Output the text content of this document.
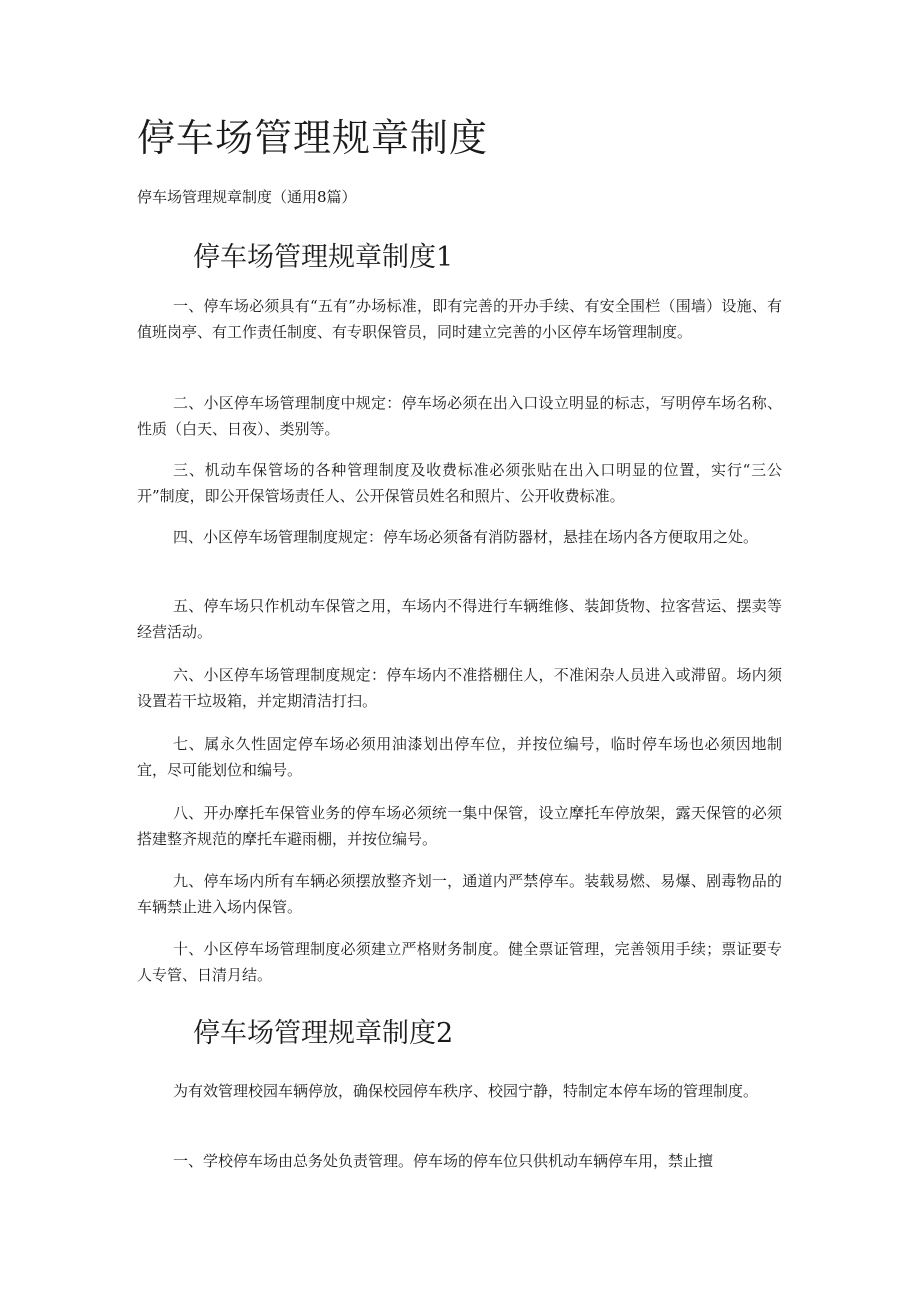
停车场管理规章制度

停车场管理规章制度（通用8篇）

停车场管理规章制度1

一、停车场必须具有“五有”办场标准，即有完善的开办手续、有安全围栏（围墙）设施、有值班岗亭、有工作责任制度、有专职保管员，同时建立完善的小区停车场管理制度。

二、小区停车场管理制度中规定：停车场必须在出入口设立明显的标志，写明停车场名称、性质（白天、日夜）、类别等。

三、机动车保管场的各种管理制度及收费标准必须张贴在出入口明显的位置，实行“三公开”制度，即公开保管场责任人、公开保管员姓名和照片、公开收费标准。

四、小区停车场管理制度规定：停车场必须备有消防器材，悬挂在场内各方便取用之处。

五、停车场只作机动车保管之用，车场内不得进行车辆维修、装卸货物、拉客营运、摆卖等经营活动。

六、小区停车场管理制度规定：停车场内不准搭棚住人，不准闲杂人员进入或滞留。场内须设置若干垃圾箱，并定期清洁打扫。

七、属永久性固定停车场必须用油漆划出停车位，并按位编号，临时停车场也必须因地制宜，尽可能划位和编号。

八、开办摩托车保管业务的停车场必须统一集中保管，设立摩托车停放架，露天保管的必须搭建整齐规范的摩托车避雨棚，并按位编号。

九、停车场内所有车辆必须摆放整齐划一，通道内严禁停车。装载易燃、易爆、剧毒物品的车辆禁止进入场内保管。

十、小区停车场管理制度必须建立严格财务制度。健全票证管理，完善领用手续；票证要专人专管、日清月结。

停车场管理规章制度2

为有效管理校园车辆停放，确保校园停车秩序、校园宁静，特制定本停车场的管理制度。

一、学校停车场由总务处负责管理。停车场的停车位只供机动车辆停车用，禁止擅
